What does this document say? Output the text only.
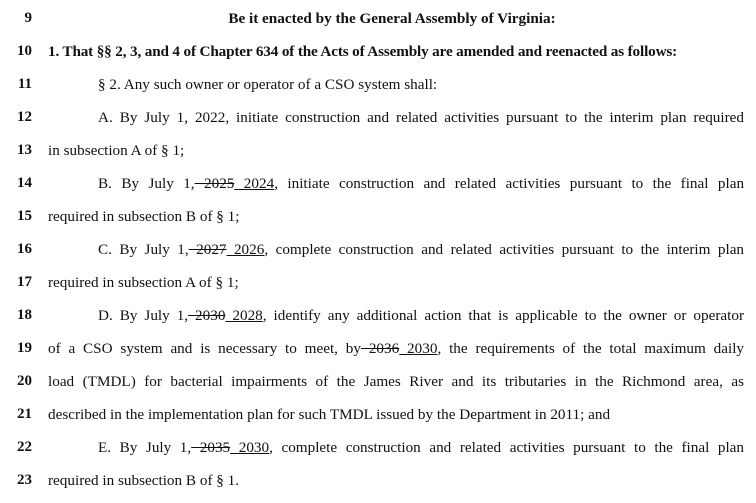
9	Be it enacted by the General Assembly of Virginia:
10 1. That §§ 2, 3, and 4 of Chapter 634 of the Acts of Assembly are amended and reenacted as follows:
11	§ 2. Any such owner or operator of a CSO system shall:
12	A. By July 1, 2022, initiate construction and related activities pursuant to the interim plan required
13 in subsection A of § 1;
14	B. By July 1, 2025 2024, initiate construction and related activities pursuant to the final plan
15 required in subsection B of § 1;
16	C. By July 1, 2027 2026, complete construction and related activities pursuant to the interim plan
17 required in subsection A of § 1;
18	D. By July 1, 2030 2028, identify any additional action that is applicable to the owner or operator
19 of a CSO system and is necessary to meet, by 2036 2030, the requirements of the total maximum daily
20 load (TMDL) for bacterial impairments of the James River and its tributaries in the Richmond area, as
21 described in the implementation plan for such TMDL issued by the Department in 2011; and
22	E. By July 1, 2035 2030, complete construction and related activities pursuant to the final plan
23 required in subsection B of § 1.
